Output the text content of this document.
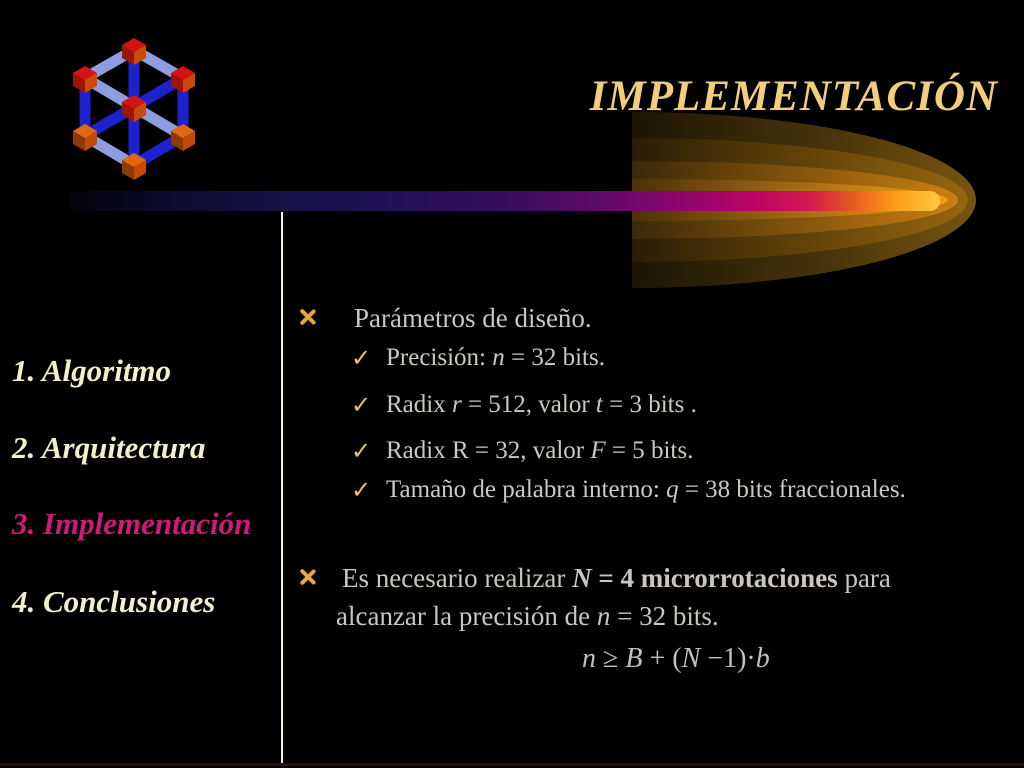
IMPLEMENTACIÓN
1. Algoritmo
2. Arquitectura
3. Implementación
4. Conclusiones
Parámetros de diseño.
✓ Precisión: n = 32 bits.
✓ Radix r = 512, valor t = 3 bits .
✓ Radix R = 32, valor F = 5 bits.
✓ Tamaño de palabra interno: q = 38 bits fraccionales.
Es necesario realizar N = 4 microrrotaciones para
alcanzar la precisión de n = 32 bits.
n ≥ B + (N −1)·b
